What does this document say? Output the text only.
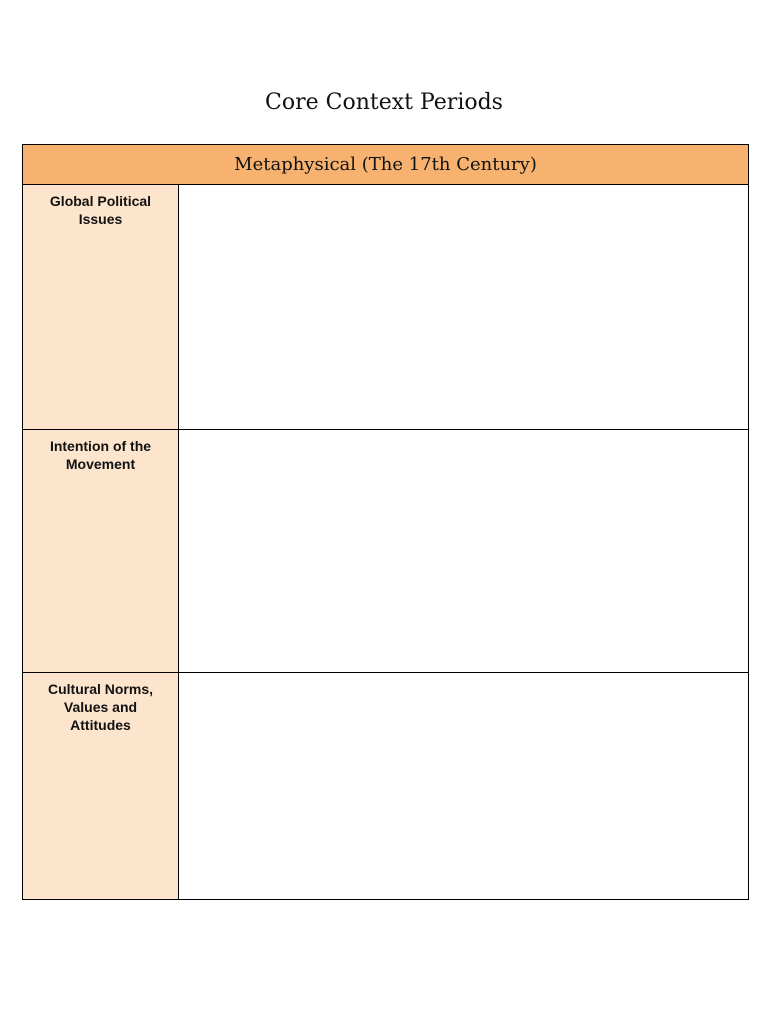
Core Context Periods
Metaphysical (The 17th Century)
Global Political Issues
Intention of the Movement
Cultural Norms, Values and Attitudes
